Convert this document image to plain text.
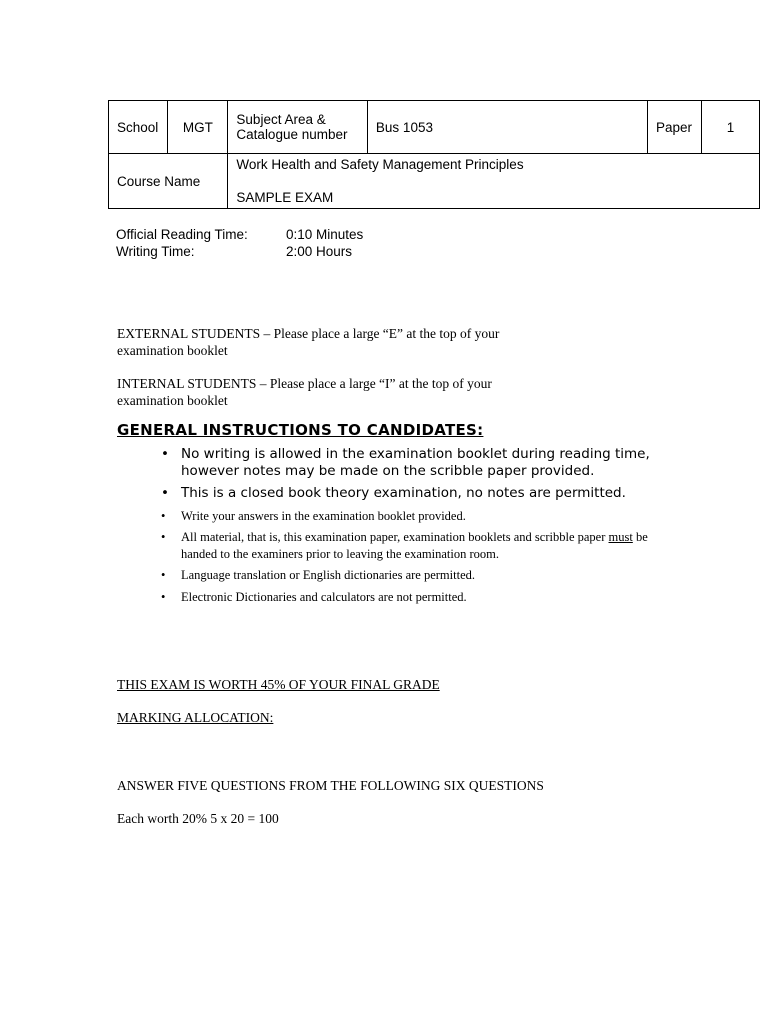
School	MGT	Subject Area &
Catalogue number	Bus 1053	Paper	1
Course Name		Work Health and Safety Management Principles
SAMPLE EXAM			
Official Reading Time:	0:10 Minutes
Writing Time:	2:00 Hours
EXTERNAL STUDENTS – Please place a large “E” at the top of your
examination booklet
INTERNAL STUDENTS – Please place a large “I” at the top of your
examination booklet
GENERAL INSTRUCTIONS TO CANDIDATES:
• No writing is allowed in the examination booklet during reading time, however notes may be made on the scribble paper provided.
• This is a closed book theory examination, no notes are permitted.
• Write your answers in the examination booklet provided.
• All material, that is, this examination paper, examination booklets and scribble paper must be handed to the examiners prior to leaving the examination room.
• Language translation or English dictionaries are permitted.
• Electronic Dictionaries and calculators are not permitted.
THIS EXAM IS WORTH 45% OF YOUR FINAL GRADE
MARKING ALLOCATION:
ANSWER FIVE QUESTIONS FROM THE FOLLOWING SIX QUESTIONS
Each worth 20% 5 x 20 = 100
